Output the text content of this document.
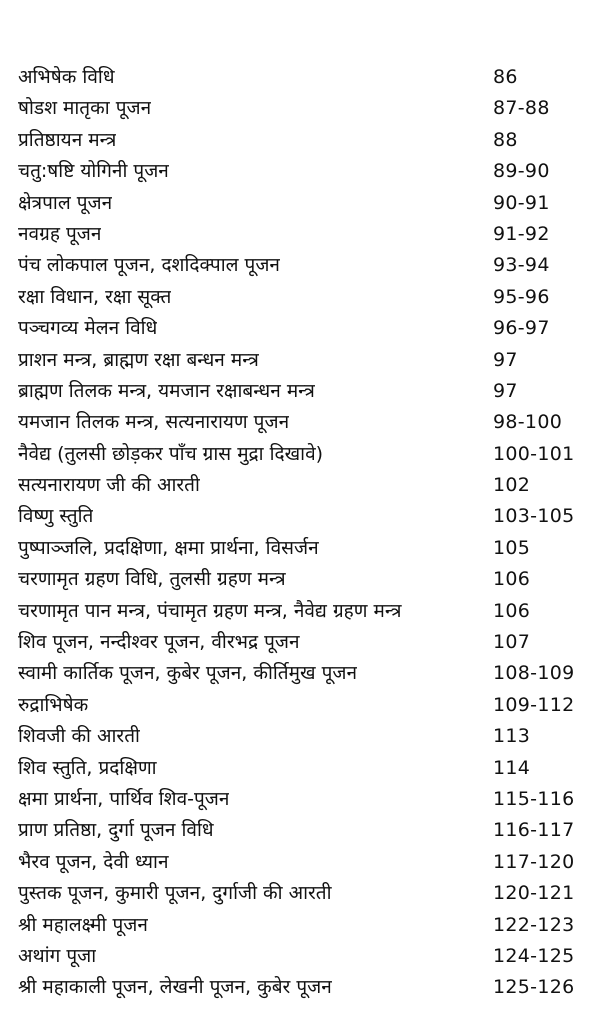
अभिषेक विधि	86
षोडश मातृका पूजन	87-88
प्रतिष्ठायन मन्त्र	88
चतु:षष्टि योगिनी पूजन	89-90
क्षेत्रपाल पूजन	90-91
नवग्रह पूजन	91-92
पंच लोकपाल पूजन, दशदिक्पाल पूजन	93-94
रक्षा विधान, रक्षा सूक्त	95-96
पञ्चगव्य मेलन विधि	96-97
प्राशन मन्त्र, ब्राह्मण रक्षा बन्धन मन्त्र	97
ब्राह्मण तिलक मन्त्र, यमजान रक्षाबन्धन मन्त्र	97
यमजान तिलक मन्त्र, सत्यनारायण पूजन	98-100
नैवेद्य (तुलसी छोड़कर पाँच ग्रास मुद्रा दिखावे)	100-101
सत्यनारायण जी की आरती	102
विष्णु स्तुति	103-105
पुष्पाञ्जलि, प्रदक्षिणा, क्षमा प्रार्थना, विसर्जन	105
चरणामृत ग्रहण विधि, तुलसी ग्रहण मन्त्र	106
चरणामृत पान मन्त्र, पंचामृत ग्रहण मन्त्र, नैवेद्य ग्रहण मन्त्र	106
शिव पूजन, नन्दीश्वर पूजन, वीरभद्र पूजन	107
स्वामी कार्तिक पूजन, कुबेर पूजन, कीर्तिमुख पूजन	108-109
रुद्राभिषेक	109-112
शिवजी की आरती	113
शिव स्तुति, प्रदक्षिणा	114
क्षमा प्रार्थना, पार्थिव शिव-पूजन	115-116
प्राण प्रतिष्ठा, दुर्गा पूजन विधि	116-117
भैरव पूजन, देवी ध्यान	117-120
पुस्तक पूजन, कुमारी पूजन, दुर्गाजी की आरती	120-121
श्री महालक्ष्मी पूजन	122-123
अथांग पूजा	124-125
श्री महाकाली पूजन, लेखनी पूजन, कुबेर पूजन	125-126
